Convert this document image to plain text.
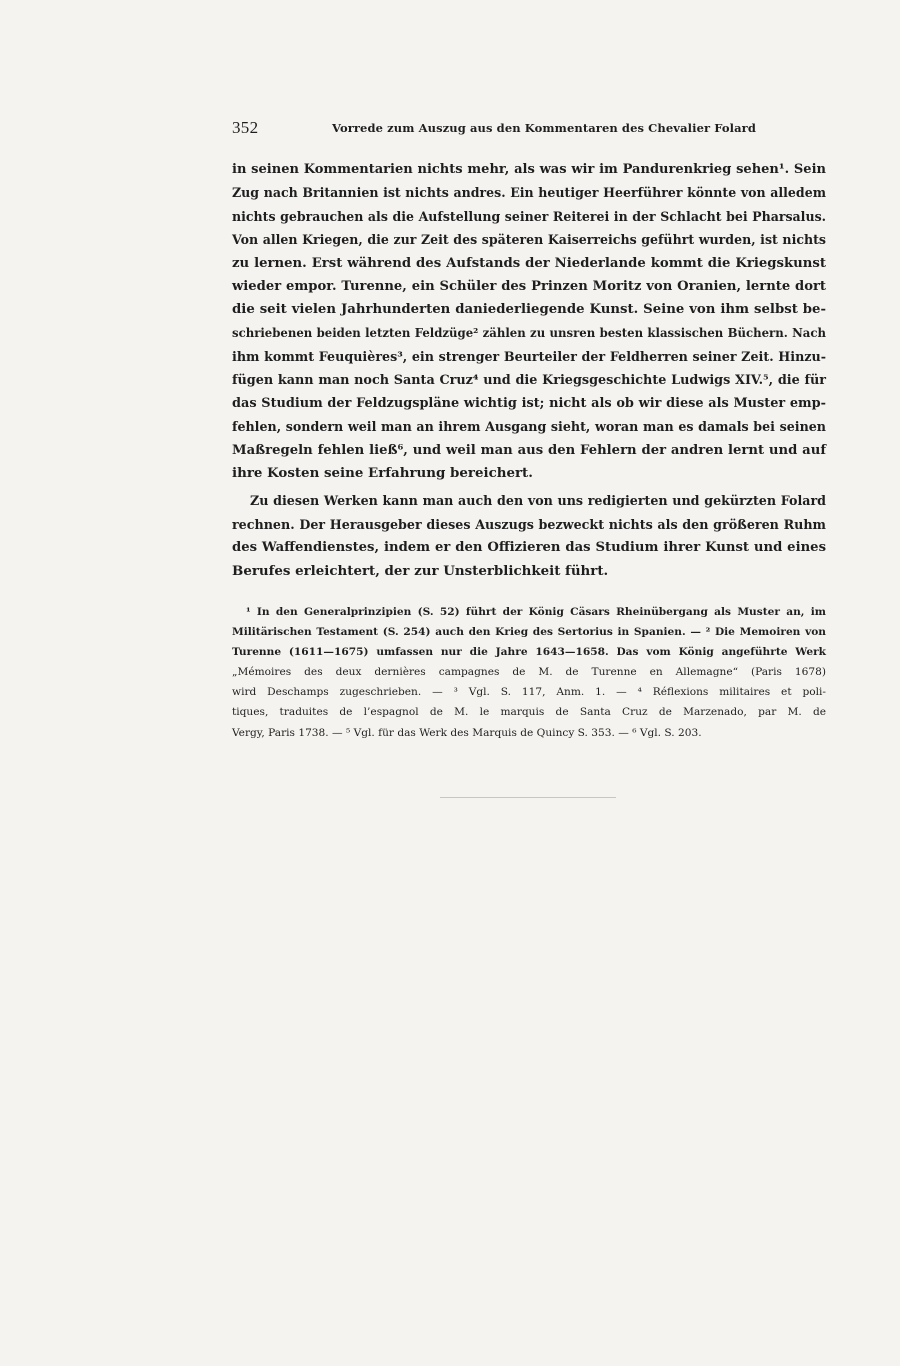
352	Vorrede zum Auszug aus den Kommentaren des Chevalier Folard
in seinen Kommentarien nichts mehr, als was wir im Pandurenkrieg sehen¹. Sein
Zug nach Britannien ist nichts andres. Ein heutiger Heerführer könnte von alledem
nichts gebrauchen als die Aufstellung seiner Reiterei in der Schlacht bei Pharsalus.
Von allen Kriegen, die zur Zeit des späteren Kaiserreichs geführt wurden, ist nichts
zu lernen. Erst während des Aufstands der Niederlande kommt die Kriegskunst
wieder empor. Turenne, ein Schüler des Prinzen Moritz von Oranien, lernte dort
die seit vielen Jahrhunderten daniederliegende Kunst. Seine von ihm selbst be-
schriebenen beiden letzten Feldzüge² zählen zu unsren besten klassischen Büchern. Nach
ihm kommt Feuquières³, ein strenger Beurteiler der Feldherren seiner Zeit. Hinzu-
fügen kann man noch Santa Cruz⁴ und die Kriegsgeschichte Ludwigs XIV.⁵, die für
das Studium der Feldzugspläne wichtig ist; nicht als ob wir diese als Muster emp-
fehlen, sondern weil man an ihrem Ausgang sieht, woran man es damals bei seinen
Maßregeln fehlen ließ⁶, und weil man aus den Fehlern der andren lernt und auf
ihre Kosten seine Erfahrung bereichert.
Zu diesen Werken kann man auch den von uns redigierten und gekürzten Folard
rechnen. Der Herausgeber dieses Auszugs bezweckt nichts als den größeren Ruhm
des Waffendienstes, indem er den Offizieren das Studium ihrer Kunst und eines
Berufes erleichtert, der zur Unsterblichkeit führt.
¹ In den Generalprinzipien (S. 52) führt der König Cäsars Rheinübergang als Muster an, im
Militärischen Testament (S. 254) auch den Krieg des Sertorius in Spanien. — ² Die Memoiren von
Turenne (1611—1675) umfassen nur die Jahre 1643—1658. Das vom König angeführte Werk
„Mémoires des deux dernières campagnes de M. de Turenne en Allemagne“ (Paris 1678)
wird Deschamps zugeschrieben. — ³ Vgl. S. 117, Anm. 1. — ⁴ Réflexions militaires et poli-
tiques, traduites de l’espagnol de M. le marquis de Santa Cruz de Marzenado, par M. de
Vergy, Paris 1738. — ⁵ Vgl. für das Werk des Marquis de Quincy S. 353. — ⁶ Vgl. S. 203.
